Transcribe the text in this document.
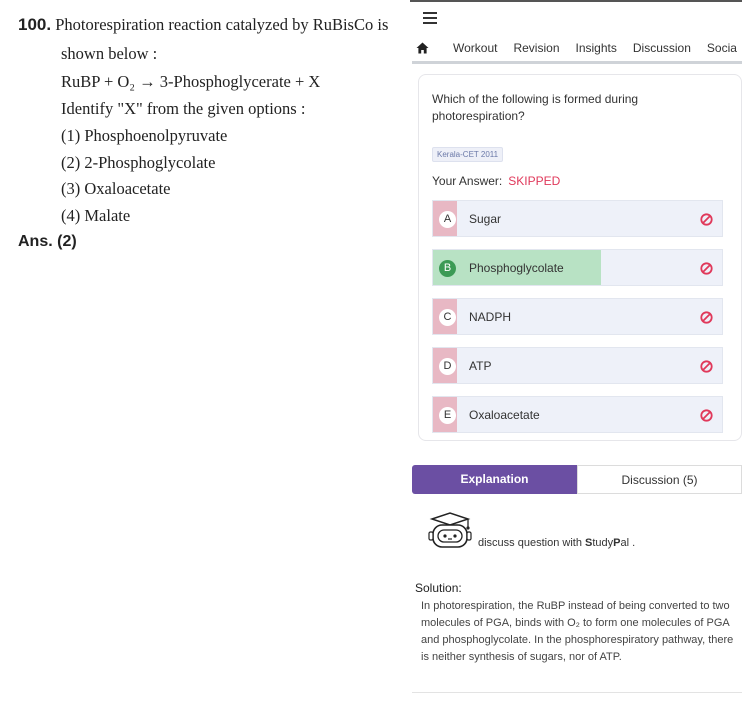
100. Photorespiration reaction catalyzed by RuBisCo is
shown below :
RuBP + O₂ → 3-Phosphoglycerate + X
Identify "X" from the given options :
(1) Phosphoenolpyruvate
(2) 2-Phosphoglycolate
(3) Oxaloacetate
(4) Malate
Ans. (2)
Workout Revision Insights Discussion Socia
Which of the following is formed during photorespiration?
Kerala-CET 2011
Your Answer: SKIPPED
A	Sugar
B	Phosphoglycolate
C	NADPH
D	ATP
E	Oxaloacetate
Explanation	Discussion (5)
discuss question with StudyPal .
Solution:
In photorespiration, the RuBP instead of being converted to two molecules of PGA, binds with O₂ to form one molecules of PGA and phosphoglycolate. In the phosphorespiratory pathway, there is neither synthesis of sugars, nor of ATP.
